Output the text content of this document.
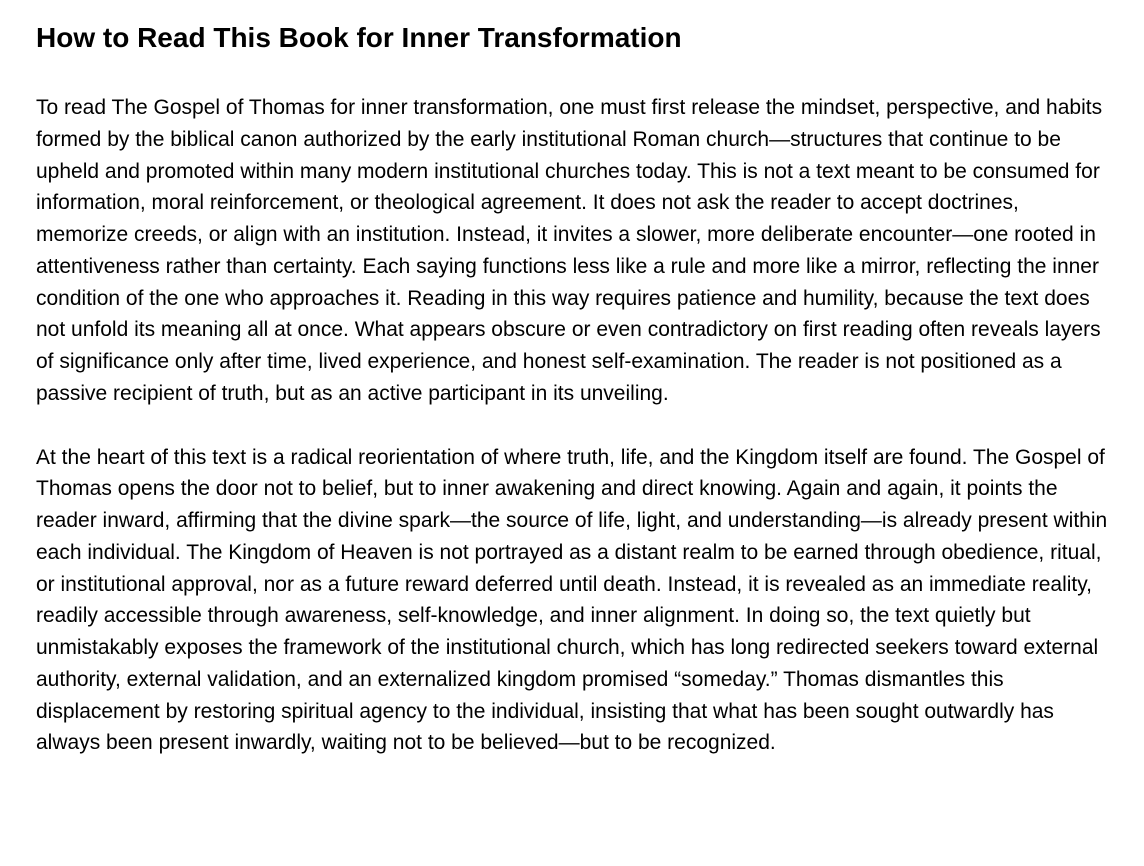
How to Read This Book for Inner Transformation

To read The Gospel of Thomas for inner transformation, one must first release the mindset, perspective, and habits formed by the biblical canon authorized by the early institutional Roman church—structures that continue to be upheld and promoted within many modern institutional churches today. This is not a text meant to be consumed for information, moral reinforcement, or theological agreement. It does not ask the reader to accept doctrines, memorize creeds, or align with an institution. Instead, it invites a slower, more deliberate encounter—one rooted in attentiveness rather than certainty. Each saying functions less like a rule and more like a mirror, reflecting the inner condition of the one who approaches it. Reading in this way requires patience and humility, because the text does not unfold its meaning all at once. What appears obscure or even contradictory on first reading often reveals layers of significance only after time, lived experience, and honest self-examination. The reader is not positioned as a passive recipient of truth, but as an active participant in its unveiling.

At the heart of this text is a radical reorientation of where truth, life, and the Kingdom itself are found. The Gospel of Thomas opens the door not to belief, but to inner awakening and direct knowing. Again and again, it points the reader inward, affirming that the divine spark—the source of life, light, and understanding—is already present within each individual. The Kingdom of Heaven is not portrayed as a distant realm to be earned through obedience, ritual, or institutional approval, nor as a future reward deferred until death. Instead, it is revealed as an immediate reality, readily accessible through awareness, self-knowledge, and inner alignment. In doing so, the text quietly but unmistakably exposes the framework of the institutional church, which has long redirected seekers toward external authority, external validation, and an externalized kingdom promised “someday.” Thomas dismantles this displacement by restoring spiritual agency to the individual, insisting that what has been sought outwardly has always been present inwardly, waiting not to be believed—but to be recognized.
